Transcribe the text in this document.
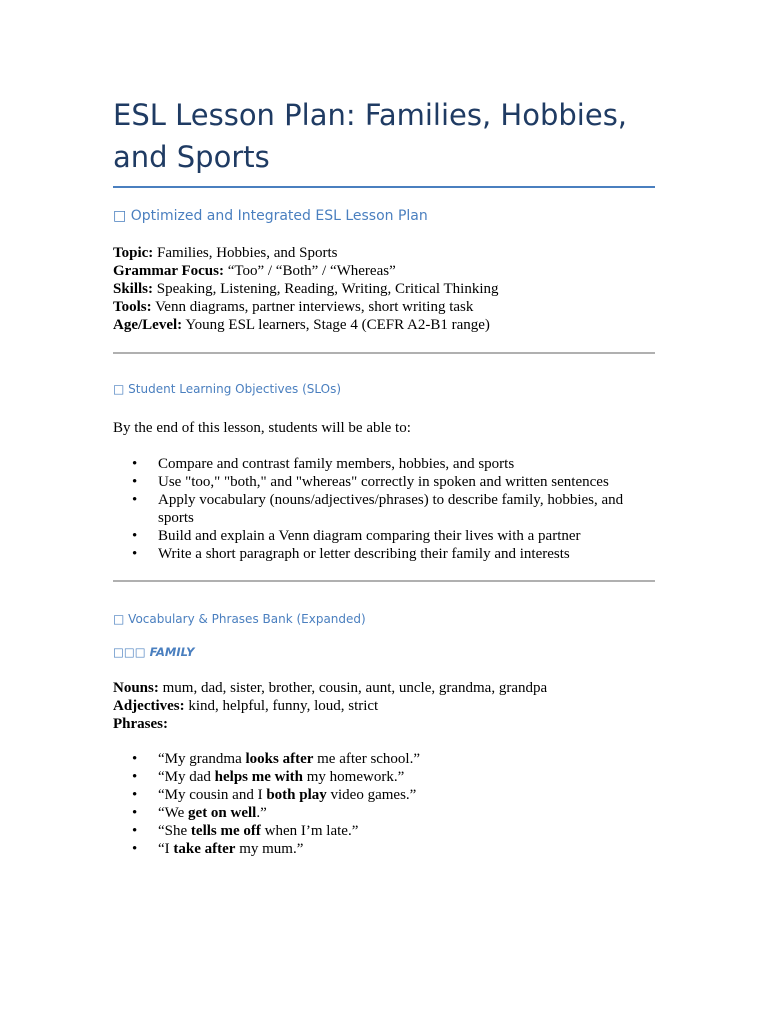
ESL Lesson Plan: Families, Hobbies, and Sports
□ Optimized and Integrated ESL Lesson Plan

Topic: Families, Hobbies, and Sports

Grammar Focus: “Too” / “Both” / “Whereas”

Skills: Speaking, Listening, Reading, Writing, Critical Thinking

Tools: Venn diagrams, partner interviews, short writing task

Age/Level: Young ESL learners, Stage 4 (CEFR A2-B1 range)

□ Student Learning Objectives (SLOs)

By the end of this lesson, students will be able to:

• Compare and contrast family members, hobbies, and sports
• Use "too," "both," and "whereas" correctly in spoken and written sentences
• Apply vocabulary (nouns/adjectives/phrases) to describe family, hobbies, and sports
• Build and explain a Venn diagram comparing their lives with a partner
• Write a short paragraph or letter describing their family and interests
□ Vocabulary & Phrases Bank (Expanded)
□□□ FAMILY

Nouns: mum, dad, sister, brother, cousin, aunt, uncle, grandma, grandpa

Adjectives: kind, helpful, funny, loud, strict

Phrases:

• “My grandma looks after me after school.”
• “My dad helps me with my homework.”
• “My cousin and I both play video games.”
• “We get on well.”
• “She tells me off when I’m late.”
• “I take after my mum.”
